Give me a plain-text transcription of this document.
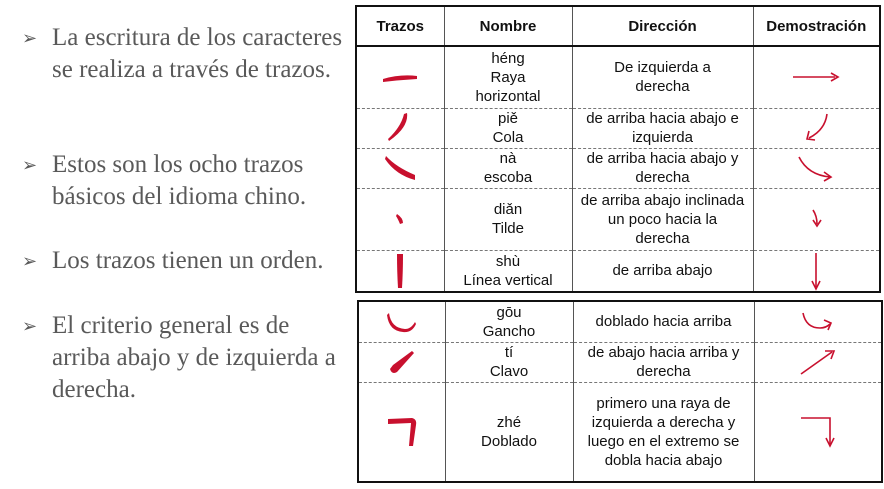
➢ La escritura de los caracteres se realiza a través de trazos.
➢ Estos son los ocho trazos básicos del idioma chino.
➢ Los trazos tienen un orden.
➢ El criterio general es de arriba abajo y de izquierda a derecha.
Trazos	Nombre	Dirección	Demostración

héng
Raya horizontal	De izquierda a derecha	

piě
Cola	de arriba hacia abajo e izquierda	

nà
escoba	de arriba hacia abajo y derecha	

diǎn
Tilde	de arriba abajo inclinada un poco hacia la derecha	

shù
Línea vertical	de arriba abajo	

gōu
Gancho	doblado hacia arriba	

tí
Clavo	de abajo hacia arriba y derecha	

zhé
Doblado	primero una raya de izquierda a derecha y luego en el extremo se dobla hacia abajo	
